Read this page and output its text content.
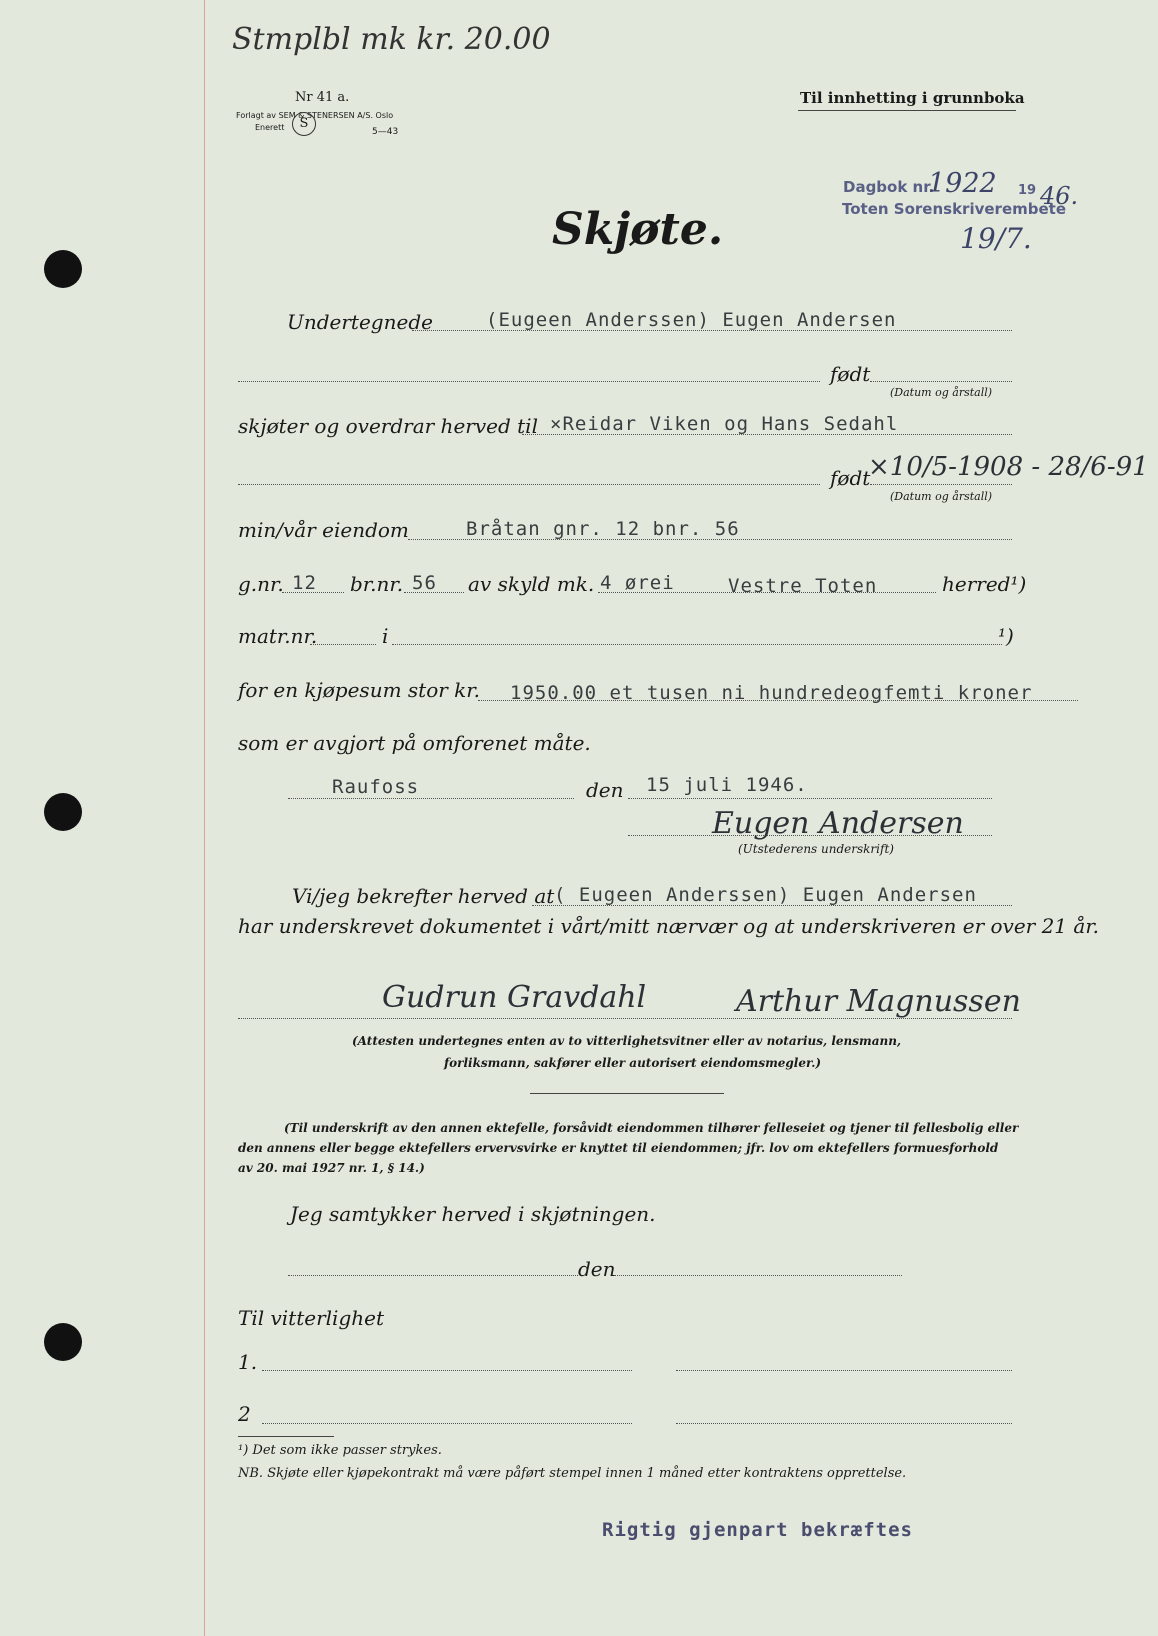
Stmplbl mk kr. 20.00
Nr 41 a.
Forlagt av SEM & STENERSEN A/S. Oslo
Enerett	S
5—43
Til innhetting i grunnboka
Dagbok nr.
1922 19 46.
Toten Sorenskriverembete
19/7.
Skjøte.
Undertegnede	(Eugeen Anderssen) Eugen Andersen
født
(Datum og årstall)
skjøter og overdrar herved til ×Reidar Viken og Hans Sedahl
født
×10/5-1908 - 28/6-91
(Datum og årstall)
min/vår eiendom	Bråtan gnr. 12 bnr. 56
g.nr. 12 br.nr. 56 av skyld mk. 4 ørei	Vestre Toten	herred¹)
matr.nr.	i	¹)
for en kjøpesum stor kr. 1950.00 et tusen ni hundredeogfemti kroner
som er avgjort på omforenet måte.
Raufoss	den 15 juli 1946.
Eugen Andersen
(Utstederens underskrift)
Vi/jeg bekrefter herved at ( Eugeen Anderssen) Eugen Andersen
har underskrevet dokumentet i vårt/mitt nærvær og at underskriveren er over 21 år.
Gudrun Gravdahl	Arthur Magnussen
(Attesten undertegnes enten av to vitterlighetsvitner eller av notarius, lensmann,
forliksmann, sakfører eller autorisert eiendomsmegler.)
(Til underskrift av den annen ektefelle, forsåvidt eiendommen tilhører felleseiet og tjener til fellesbolig eller
den annens eller begge ektefellers ervervsvirke er knyttet til eiendommen; jfr. lov om ektefellers formuesforhold
av 20. mai 1927 nr. 1, § 14.)
Jeg samtykker herved i skjøtningen.
den
Til vitterlighet
1.
2
¹) Det som ikke passer strykes.
NB. Skjøte eller kjøpekontrakt må være påført stempel innen 1 måned etter kontraktens opprettelse.
Rigtig gjenpart bekræftes
